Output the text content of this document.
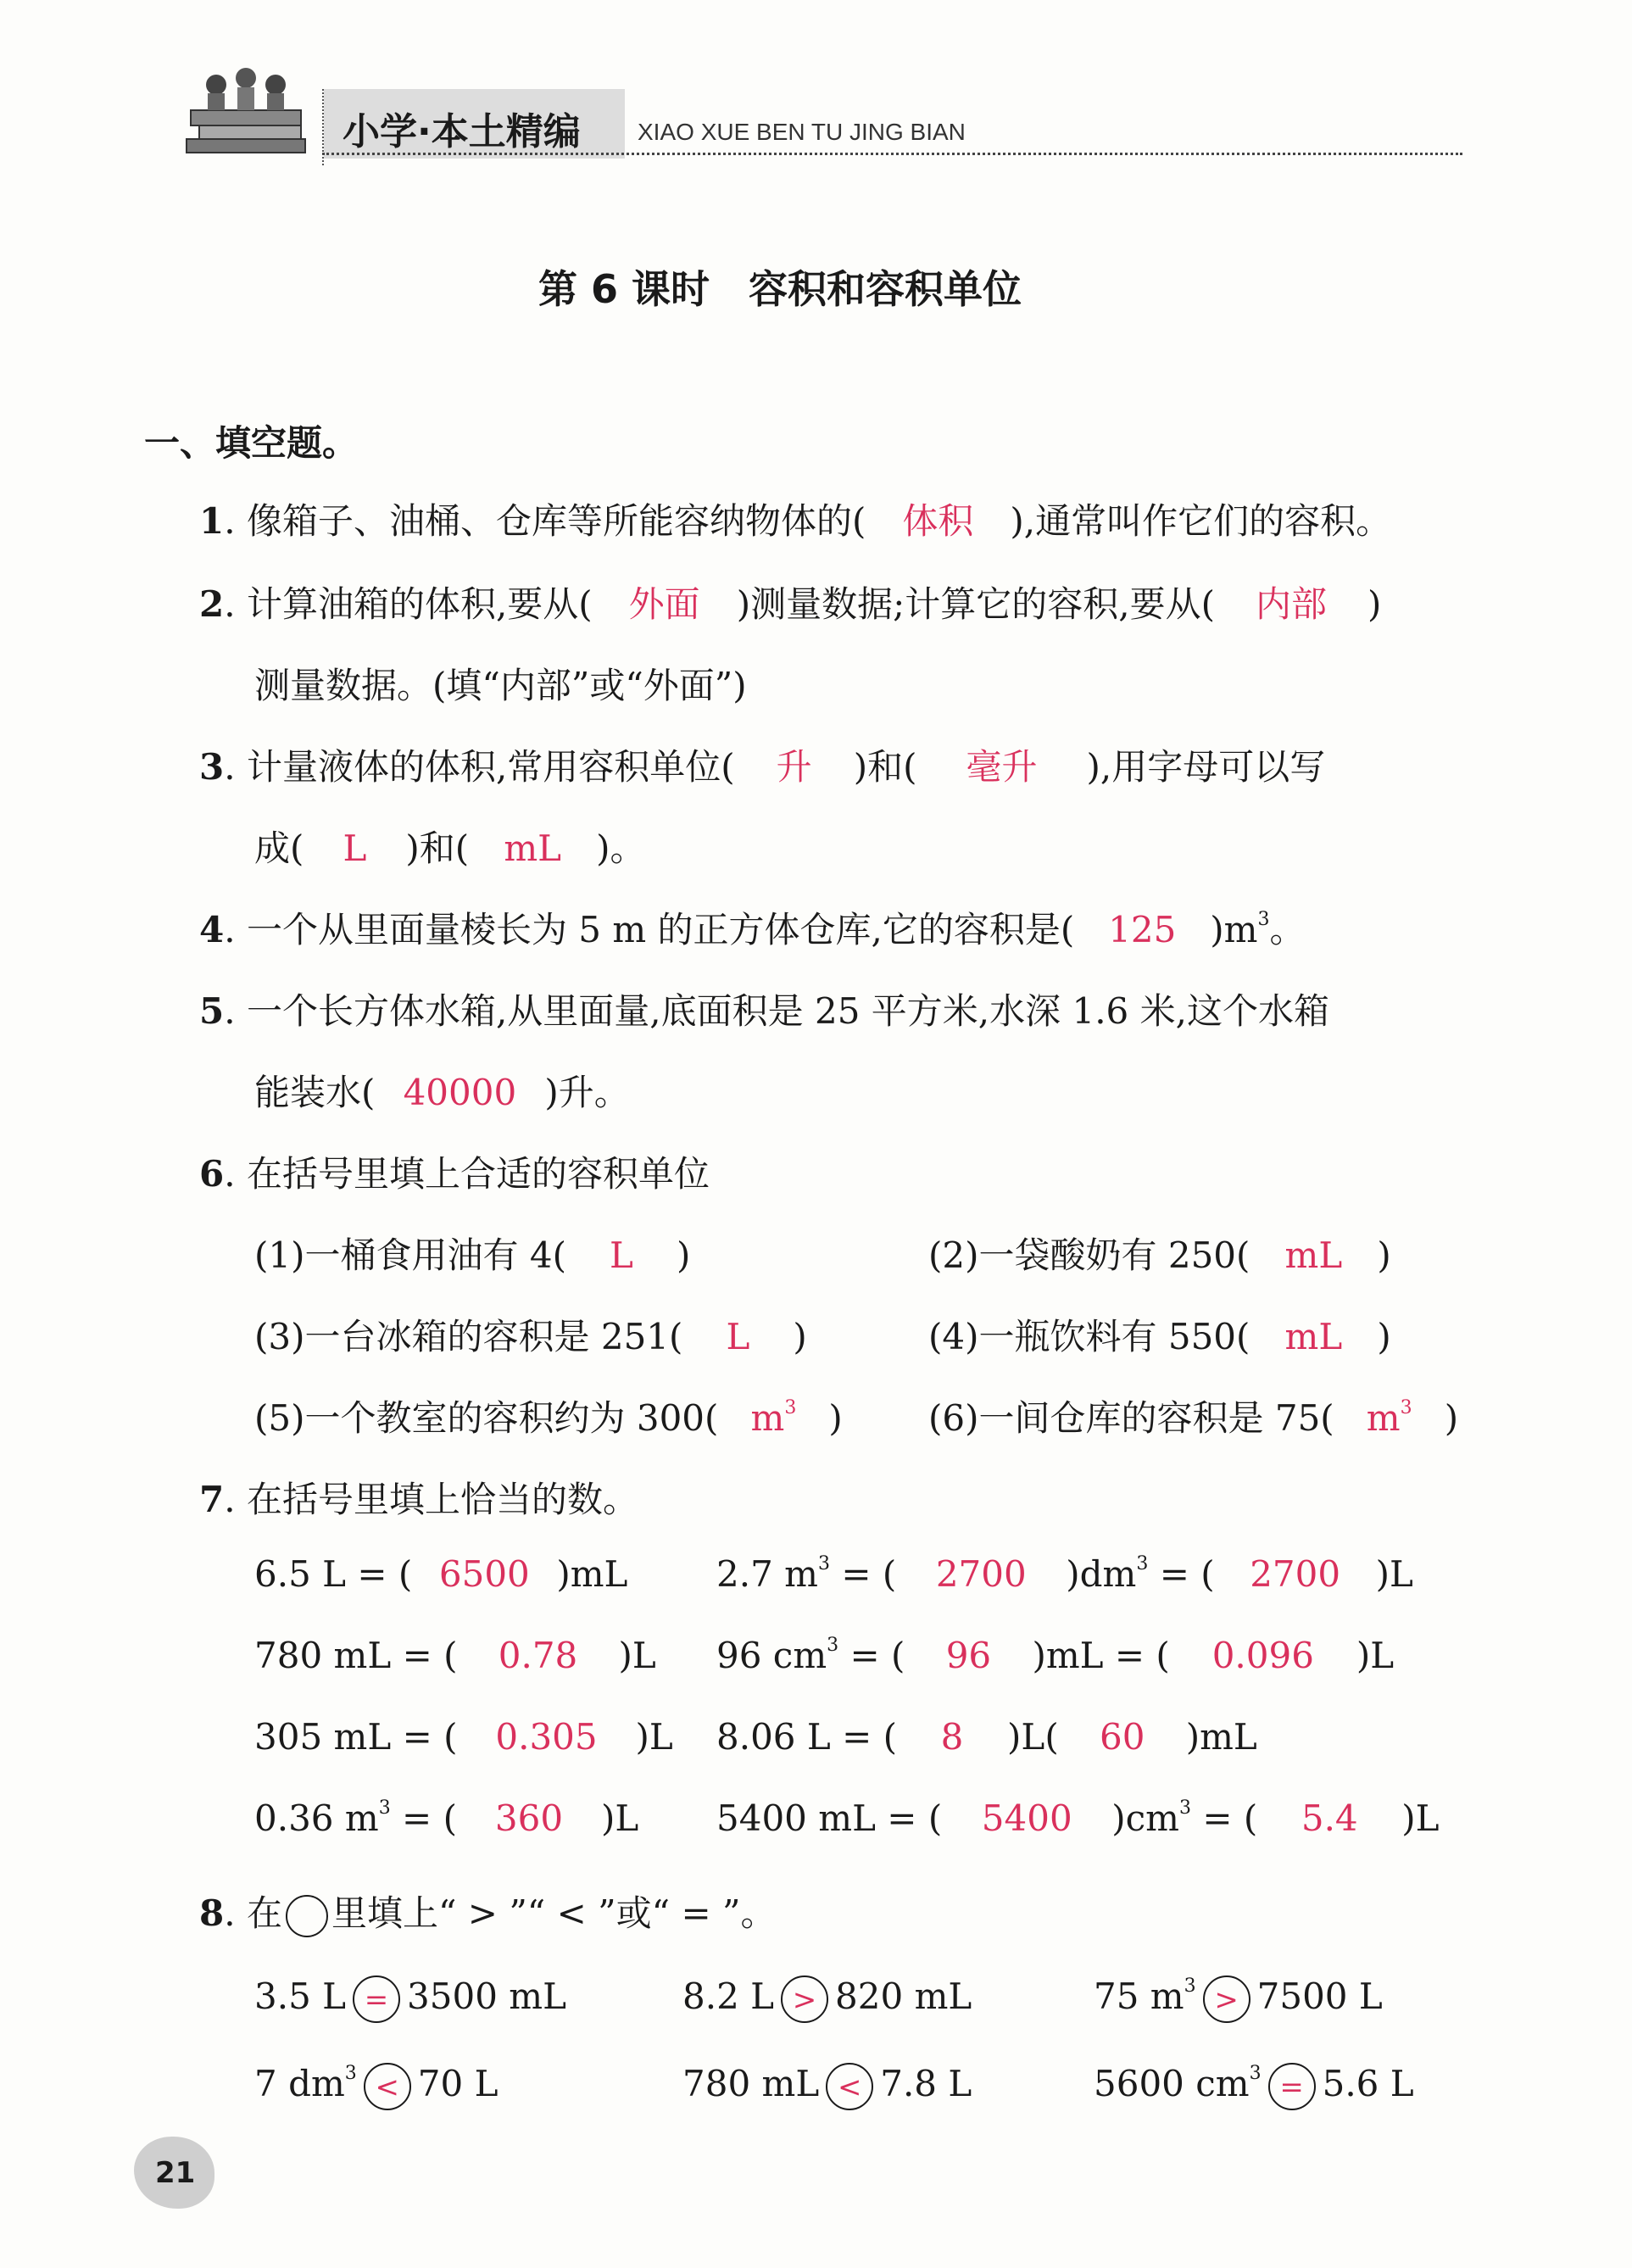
小学·本土精编 XIAO XUE BEN TU JING BIAN
第 6 课时　容积和容积单位
一、填空题。
1. 像箱子、油桶、仓库等所能容纳物体的( 体积 ),通常叫作它们的容积。
2. 计算油箱的体积,要从( 外面 )测量数据;计算它的容积,要从( 内部 )
测量数据。(填“内部”或“外面”)
3. 计量液体的体积,常用容积单位( 升 )和( 毫升 ),用字母可以写
成( L )和( mL )。
4. 一个从里面量棱长为 5 m 的正方体仓库,它的容积是( 125 )$m^3$。
5. 一个长方体水箱,从里面量,底面积是 25 平方米,水深 1.6 米,这个水箱
能装水( 40000 )升。
6. 在括号里填上合适的容积单位
(1)一桶食用油有 4( L )	(2)一袋酸奶有 250( mL )
(3)一台冰箱的容积是 251( L )	(4)一瓶饮料有 550( mL )
(5)一个教室的容积约为 300( $m^3$ ) (6)一间仓库的容积是 75( $m^3$ )
7. 在括号里填上恰当的数。
6.5 L = ( 6500 )mL 2.7 $m^3$ = ( 2700 )$dm^3$ = ( 2700 )L
780 mL = ( 0.78 )L 96 $cm^3$ = ( 96 )mL = ( 0.096 )L
305 mL = ( 0.305 )L 8.06 L = ( 8 )L( 60 )mL
0.36 $m^3$ = ( 360 )L 5400 mL = ( 5400 )$cm^3$ = ( 5.4 )L
8. 在 里填上“ > ”“ < ”或“ = ”。
3.5 L = 3500 mL	8.2 L > 820 mL	75 $m^3 > 7500$ L
7 $dm^3 < 70$ L	780 mL < 7.8 L	5600 $cm^3 = 5.6$ L
21
